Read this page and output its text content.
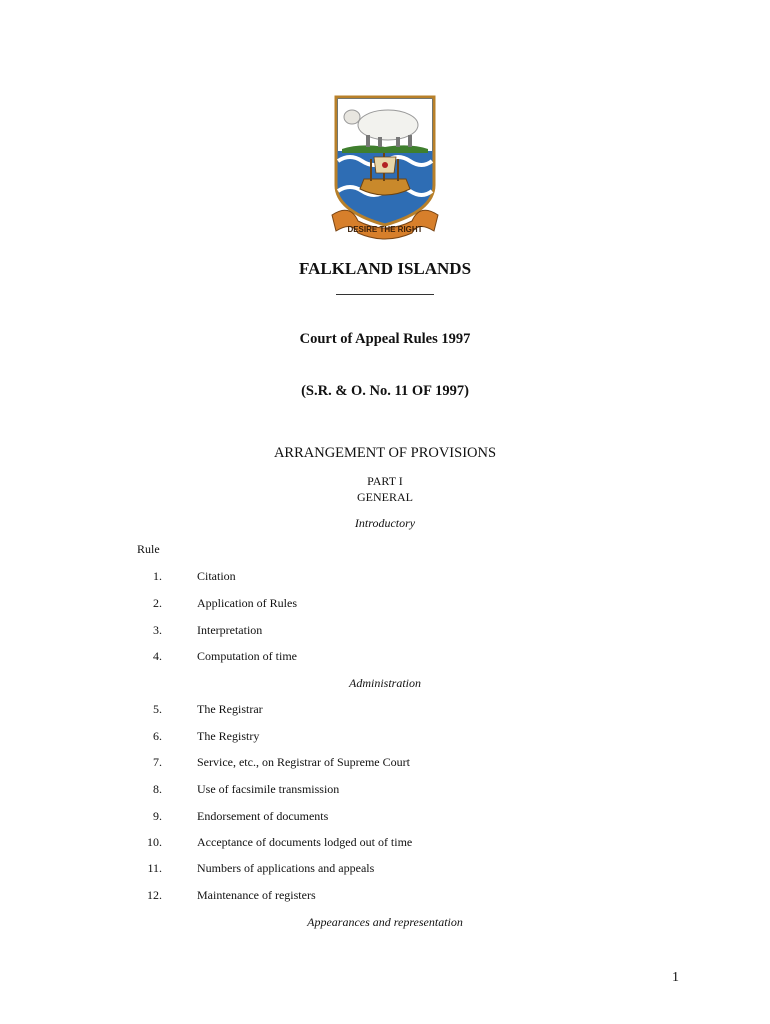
DESIRE THE RIGHT
FALKLAND ISLANDS
Court of Appeal Rules 1997
(S.R. & O. No. 11 OF 1997)
ARRANGEMENT OF PROVISIONS
PART I
GENERAL
Introductory
Rule
1.	Citation
2.	Application of Rules
3.	Interpretation
4.	Computation of time
Administration
5.	The Registrar
6.	The Registry
7.	Service, etc., on Registrar of Supreme Court
8.	Use of facsimile transmission
9.	Endorsement of documents
10.	Acceptance of documents lodged out of time
11.	Numbers of applications and appeals
12.	Maintenance of registers
Appearances and representation
1
